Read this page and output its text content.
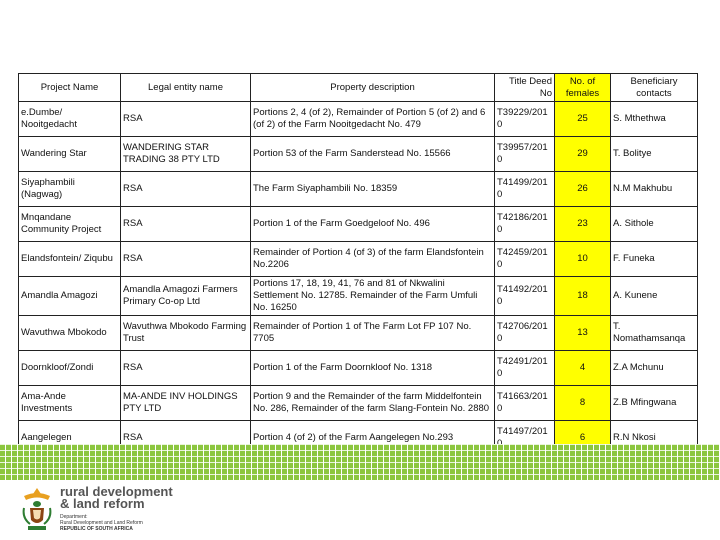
Project Name	Legal entity name	Property description	Title Deed No	No. of females	Beneficiary contacts
e.Dumbe/ Nooitgedacht	RSA	Portions 2, 4 (of 2), Remainder of Portion 5 (of 2) and 6 (of 2) of the Farm Nooitgedacht No. 479	T39229/2010	25	S. Mthethwa
Wandering Star	WANDERING STAR TRADING 38 PTY LTD	Portion 53 of the Farm Sanderstead No. 15566	T39957/2010	29	T. Bolitye
Siyaphambili (Nagwag)	RSA	The Farm Siyaphambili No. 18359	T41499/2010	26	N.M Makhubu
Mnqandane Community Project	RSA	Portion 1 of the Farm Goedgeloof No. 496	T42186/2010	23	A. Sithole
Elandsfontein/ Ziqubu	RSA	Remainder of Portion 4 (of 3) of the farm Elandsfontein No.2206	T42459/2010	10	F. Funeka
Amandla Amagozi	Amandla Amagozi Farmers Primary Co-op Ltd	Portions 17, 18, 19, 41, 76 and 81 of Nkwalini Settlement No. 12785. Remainder of the Farm Umfuli No. 16250	T41492/2010	18	A. Kunene
Wavuthwa Mbokodo	Wavuthwa Mbokodo Farming Trust	Remainder of Portion 1 of The Farm Lot FP 107 No. 7705	T42706/2010	13	T. Nomathamsanqa
Doornkloof/Zondi	RSA	Portion 1 of the Farm Doornkloof No. 1318	T42491/2010	4	Z.A Mchunu
Ama-Ande Investments	MA-ANDE INV HOLDINGS PTY LTD	Portion 9 and the Remainder of the farm Middelfontein No. 286, Remainder of the farm Slang-Fontein No. 2880	T41663/2010	8	Z.B Mfingwana
Aangelegen	RSA	Portion 4 (of 2) of the Farm Aangelegen No.293	T41497/201	6	R.N Nkosi
rural development
& land reform
Department:
Rural Development and Land Reform
REPUBLIC OF SOUTH AFRICA
